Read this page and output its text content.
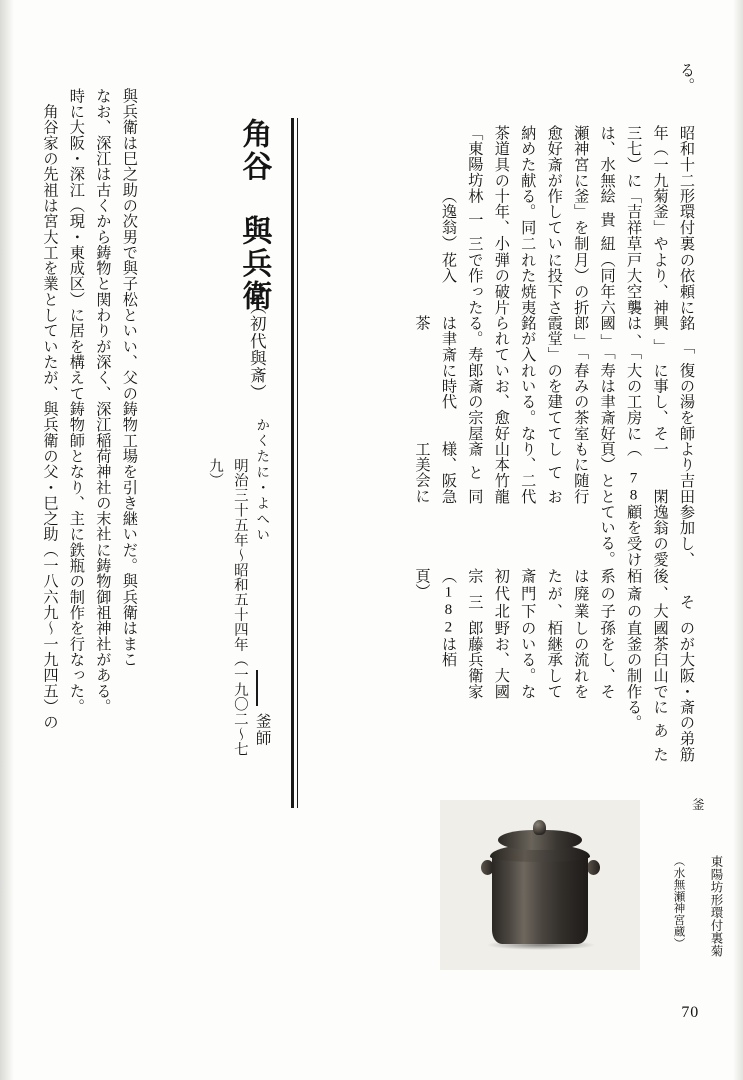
る。
昭和十二年（一九三七）には、水無瀬神宮に愈好斎が納めた献茶道具の「東陽坊
形環付裏菊釜」や「吉祥草絵貴紐釜」を制作している。同二十年、小林一三（逸翁）
の依頼により、神戸大空襲（同年六月）の折に投下された焼夷弾の破片で作った花入
銘「復興」には、「大國」「寿郎」「春霞堂」の銘が入れられている。寿郎は聿斎に茶
の湯を師事し、その工房には聿斎好みの茶室を建てている。なお、愈好斎の宗屋時代
より吉田一閑（78頁）とともに随行しており、二代山本竹龍斎と同様、阪急工美会に
参加し、逸翁の愛顧を受けている。
　その後、大國栢斎の直系の子孫は廃業したが、栢斎門下の初代北野宗三郎（182頁）
が大阪・茶臼山で釜の制作をし、その流れを継承している。なお、大國藤兵衛家は栢
斎の弟筋にあたる。
角谷　與兵衛
（初代與斎）
かくたに・よへい
釜師
明治三十五年～昭和五十四年（一九〇二～七九）
　角谷家の先祖は宮大工を業としていたが、與兵衛の父・巳之助（一八六九～一九四五）の 時に大阪・深江（現・東成区）に居を構えて鋳物師となり、主に鉄瓶の制作を行なった。 なお、深江は古くから鋳物と関わりが深く、深江稲荷神社の末社に鋳物御祖神社がある。 與兵衛は巳之助の次男で與子松といい、父の鋳物工場を引き継いだ。與兵衛はまこ

東陽坊形環付裏菊釜
（水無瀬神宮蔵）

70
